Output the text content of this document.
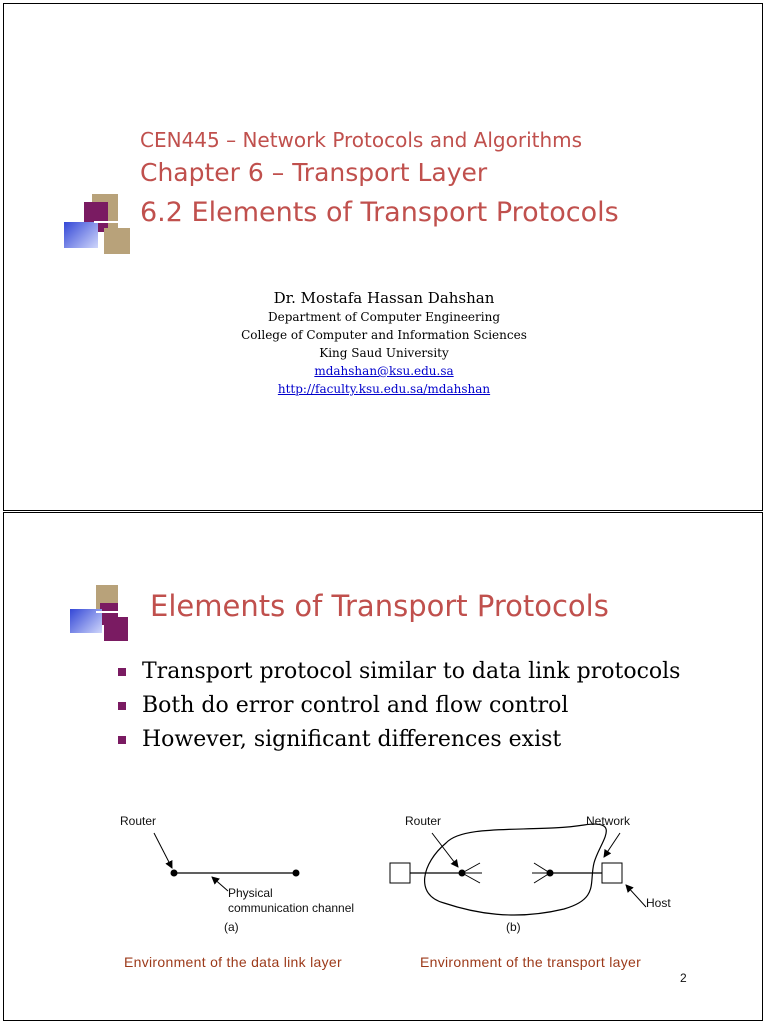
CEN445 – Network Protocols and Algorithms
Chapter 6 – Transport Layer
6.2 Elements of Transport Protocols
Dr. Mostafa Hassan Dahshan
Department of Computer Engineering
College of Computer and Information Sciences
King Saud University
mdahshan@ksu.edu.sa
http://faculty.ksu.edu.sa/mdahshan
Elements of Transport Protocols
Transport protocol similar to data link protocols
Both do error control and flow control
However, significant differences exist
Router
Physical
communication channel
(a)
Environment of the data link layer
Router	Network
Host
(b)
Environment of the transport layer
2
